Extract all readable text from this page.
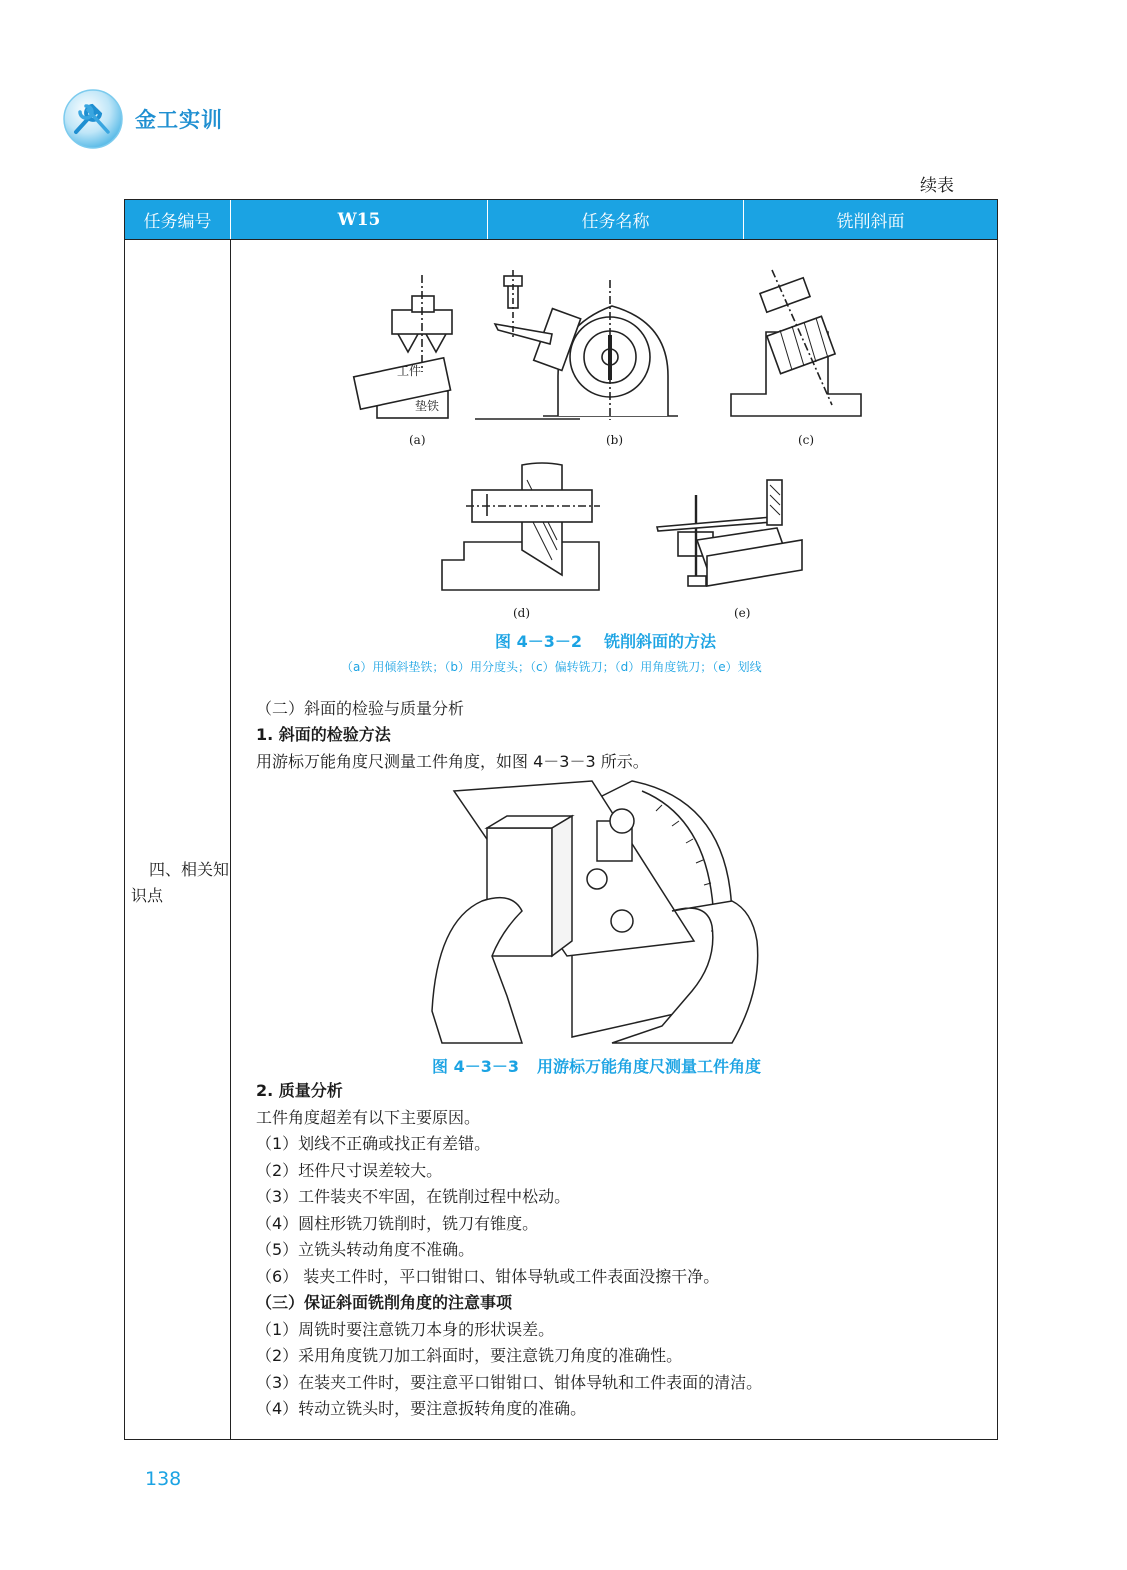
金工实训
续表
任务编号	W15	任务名称	铣削斜面
四、相关知识点
工件
垫铁
(a)	(b)	(c)
(d)	(e)
图 4－3－2 铣削斜面的方法
（a）用倾斜垫铁；（b）用分度头；（c）偏转铣刀；（d）用角度铣刀；（e）划线
（二）斜面的检验与质量分析
1. 斜面的检验方法
用游标万能角度尺测量工件角度，如图 4－3－3 所示。
图 4－3－3 用游标万能角度尺测量工件角度
2. 质量分析
工件角度超差有以下主要原因。
（1）划线不正确或找正有差错。
（2）坯件尺寸误差较大。
（3）工件装夹不牢固，在铣削过程中松动。
（4）圆柱形铣刀铣削时，铣刀有锥度。
（5）立铣头转动角度不准确。
（6） 装夹工件时，平口钳钳口、钳体导轨或工件表面没擦干净。
（三）保证斜面铣削角度的注意事项
（1）周铣时要注意铣刀本身的形状误差。
（2）采用角度铣刀加工斜面时，要注意铣刀角度的准确性。
（3）在装夹工件时，要注意平口钳钳口、钳体导轨和工件表面的清洁。
（4）转动立铣头时，要注意扳转角度的准确。
138
